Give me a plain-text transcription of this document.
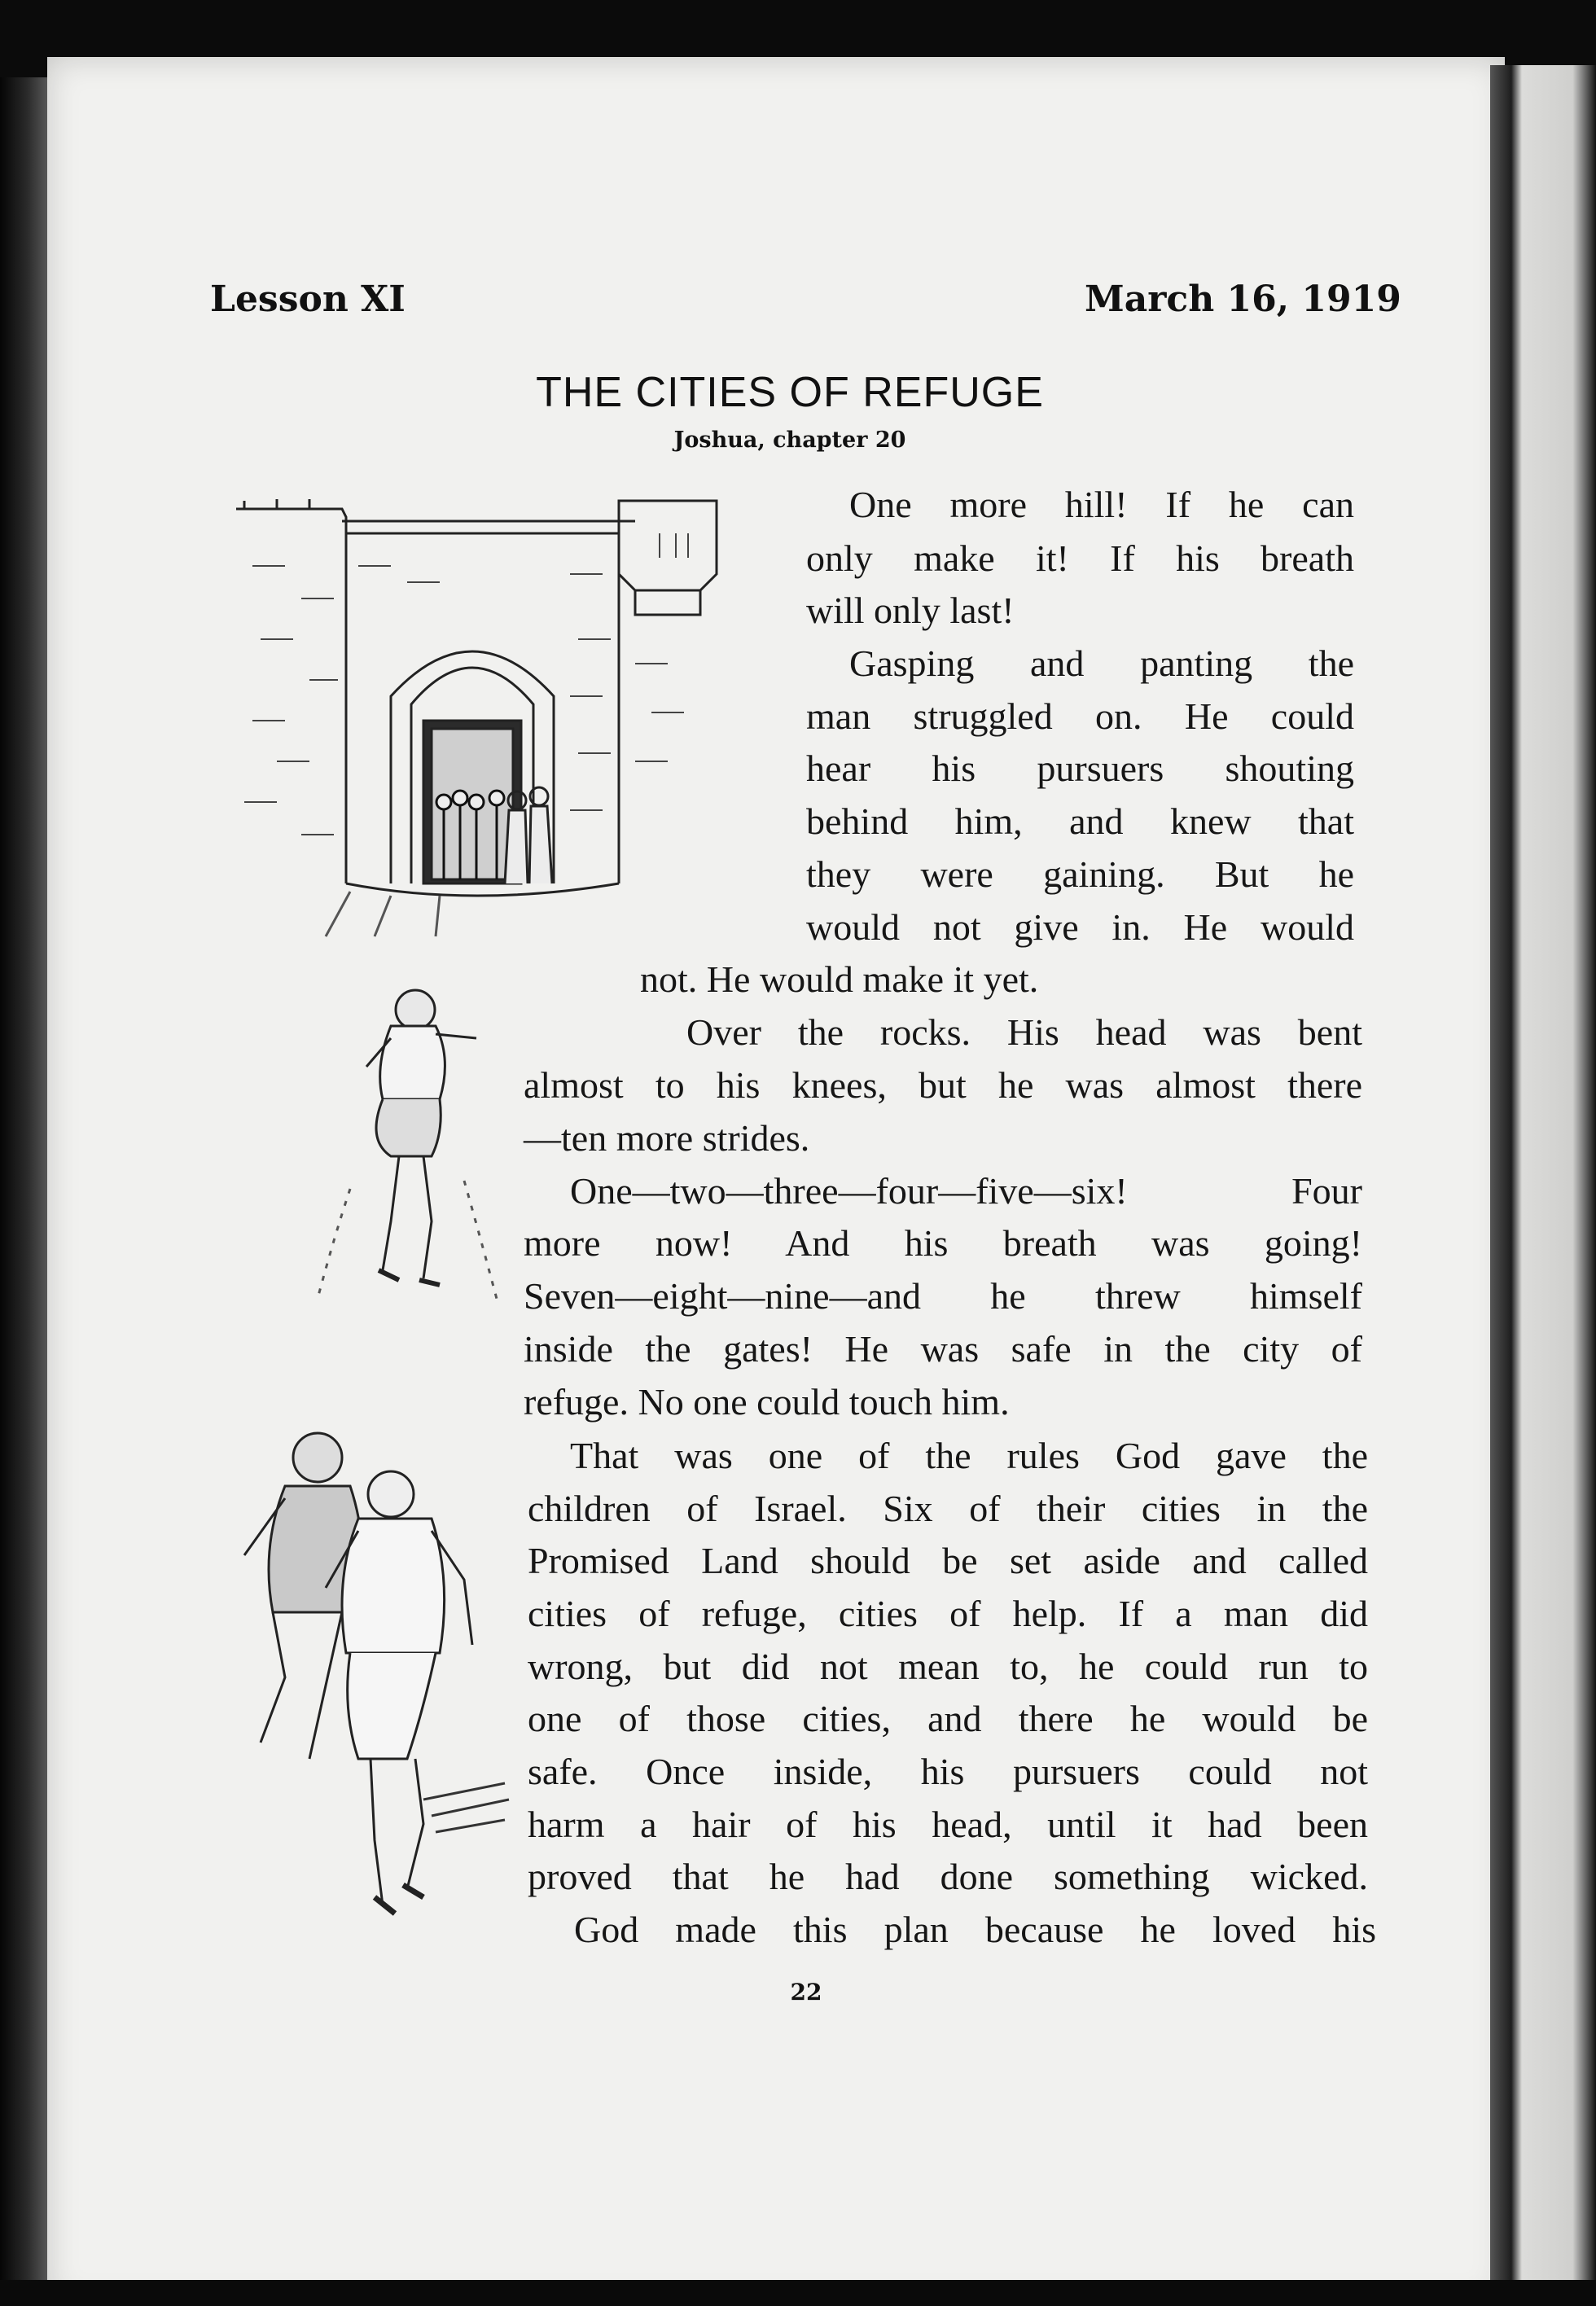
Lesson XI	March 16, 1919
THE CITIES OF REFUGE
Joshua, chapter 20
One more hill! If he can
only make it! If his breath
will only last!
Gasping and panting the
man struggled on. He could
hear his pursuers shouting
behind him, and knew that
they were gaining. But he
would not give in. He would
not. He would make it yet.
Over the rocks. His head was bent
almost to his knees, but he was almost there
—ten more strides.
One—two—three—four—five—six! Four
more now! And his breath was going!
Seven—eight—nine—and he threw himself
inside the gates! He was safe in the city of
refuge. No one could touch him.
That was one of the rules God gave the
children of Israel. Six of their cities in the
Promised Land should be set aside and called
cities of refuge, cities of help. If a man did
wrong, but did not mean to, he could run to
one of those cities, and there he would be
safe. Once inside, his pursuers could not
harm a hair of his head, until it had been
proved that he had done something wicked.
God made this plan because he loved his
22
